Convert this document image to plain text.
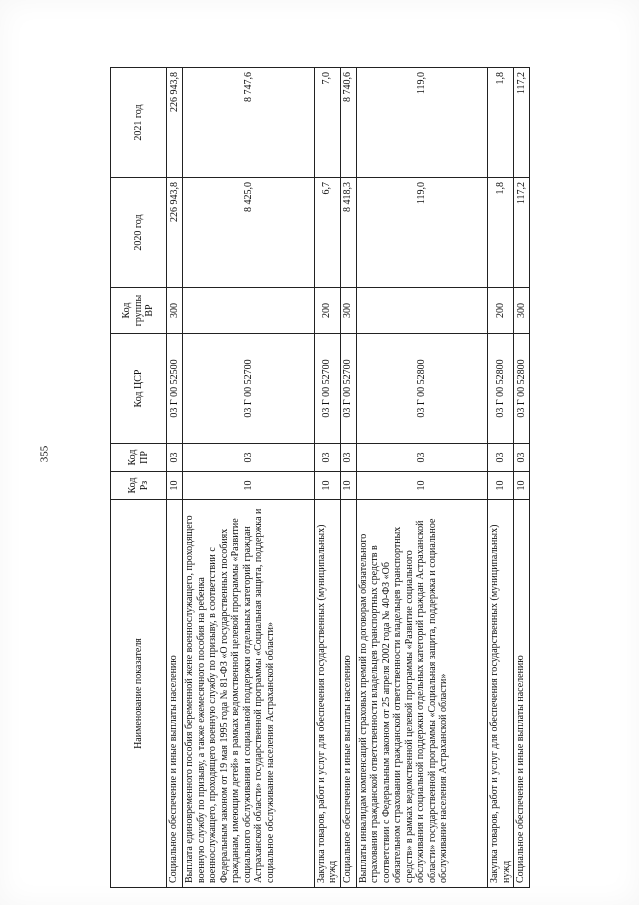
355
Наименование показателя	Код Рз	Код ПР	Код ЦСР	Код группы ВР	2020 год	2021 год
Социальное обеспечение и иные выплаты населению	10	03	03 Г 00 52500	300	226 943,8	226 943,8
Выплата единовременного пособия беременной жене военнослужащего, проходящего военную службу по призыву, а также ежемесячного пособия на ребенка военнослужащего, проходящего военную службу по призыву, в соответствии с Федеральным законом от 19 мая 1995 года № 81-ФЗ «О государственных пособиях гражданам, имеющим детей» в рамках ведомственной целевой программы «Развитие социального обслуживания и социальной поддержки отдельных категорий граждан Астраханской области» государственной программы «Социальная защита, поддержка и социальное обслуживание населения Астраханской области»	10	03	03 Г 00 52700		8 425,0	8 747,6
Закупка товаров, работ и услуг для обеспечения государственных (муниципальных) нужд	10	03	03 Г 00 52700	200	6,7	7,0
Социальное обеспечение и иные выплаты населению	10	03	03 Г 00 52700	300	8 418,3	8 740,6
Выплаты инвалидам компенсаций страховых премий по договорам обязательного страхования гражданской ответственности владельцев транспортных средств в соответствии с Федеральным законом от 25 апреля 2002 года № 40-ФЗ «Об обязательном страховании гражданской ответственности владельцев транспортных средств» в рамках ведомственной целевой программы «Развитие социального обслуживания и социальной поддержки отдельных категорий граждан Астраханской области» государственной программы «Социальная защита, поддержка и социальное обслуживание населения Астраханской области»	10	03	03 Г 00 52800		119,0	119,0
Закупка товаров, работ и услуг для обеспечения государственных (муниципальных) нужд	10	03	03 Г 00 52800	200	1,8	1,8
Социальное обеспечение и иные выплаты населению	10	03	03 Г 00 52800	300	117,2	117,2
